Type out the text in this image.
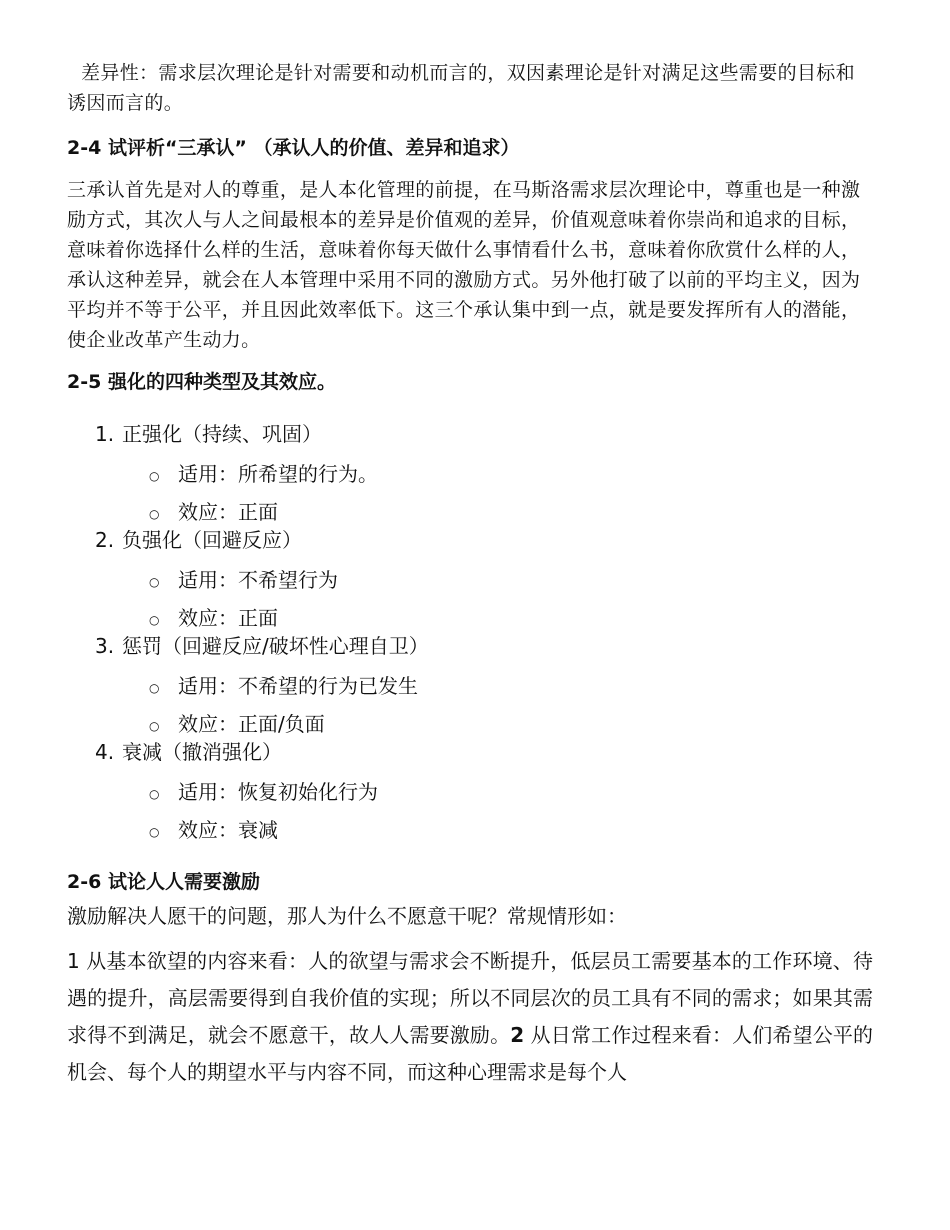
差异性：需求层次理论是针对需要和动机而言的，双因素理论是针对满足这些需要的目标和诱因而言的。

2-4 试评析“三承认” （承认人的价值、差异和追求）

三承认首先是对人的尊重，是人本化管理的前提，在马斯洛需求层次理论中，尊重也是一种激励方式，其次人与人之间最根本的差异是价值观的差异，价值观意味着你崇尚和追求的目标，意味着你选择什么样的生活，意味着你每天做什么事情看什么书，意味着你欣赏什么样的人，承认这种差异，就会在人本管理中采用不同的激励方式。另外他打破了以前的平均主义，因为平均并不等于公平，并且因此效率低下。这三个承认集中到一点，就是要发挥所有人的潜能，使企业改革产生动力。

2-5 强化的四种类型及其效应。
1. 正强化（持续、巩固）
○ 适用：所希望的行为。
○ 效应：正面
2. 负强化（回避反应）
○ 适用：不希望行为
○ 效应：正面
3. 惩罚（回避反应/破坏性心理自卫）
○ 适用：不希望的行为已发生
○ 效应：正面/负面
4. 衰减（撤消强化）
○ 适用：恢复初始化行为
○ 效应：衰减
2-6 试论人人需要激励

激励解决人愿干的问题，那人为什么不愿意干呢？常规情形如：

1 从基本欲望的内容来看：人的欲望与需求会不断提升，低层员工需要基本的工作环境、待遇的提升，高层需要得到自我价值的实现；所以不同层次的员工具有不同的需求；如果其需求得不到满足，就会不愿意干，故人人需要激励。2 从日常工作过程来看：人们希望公平的机会、每个人的期望水平与内容不同，而这种心理需求是每个人
